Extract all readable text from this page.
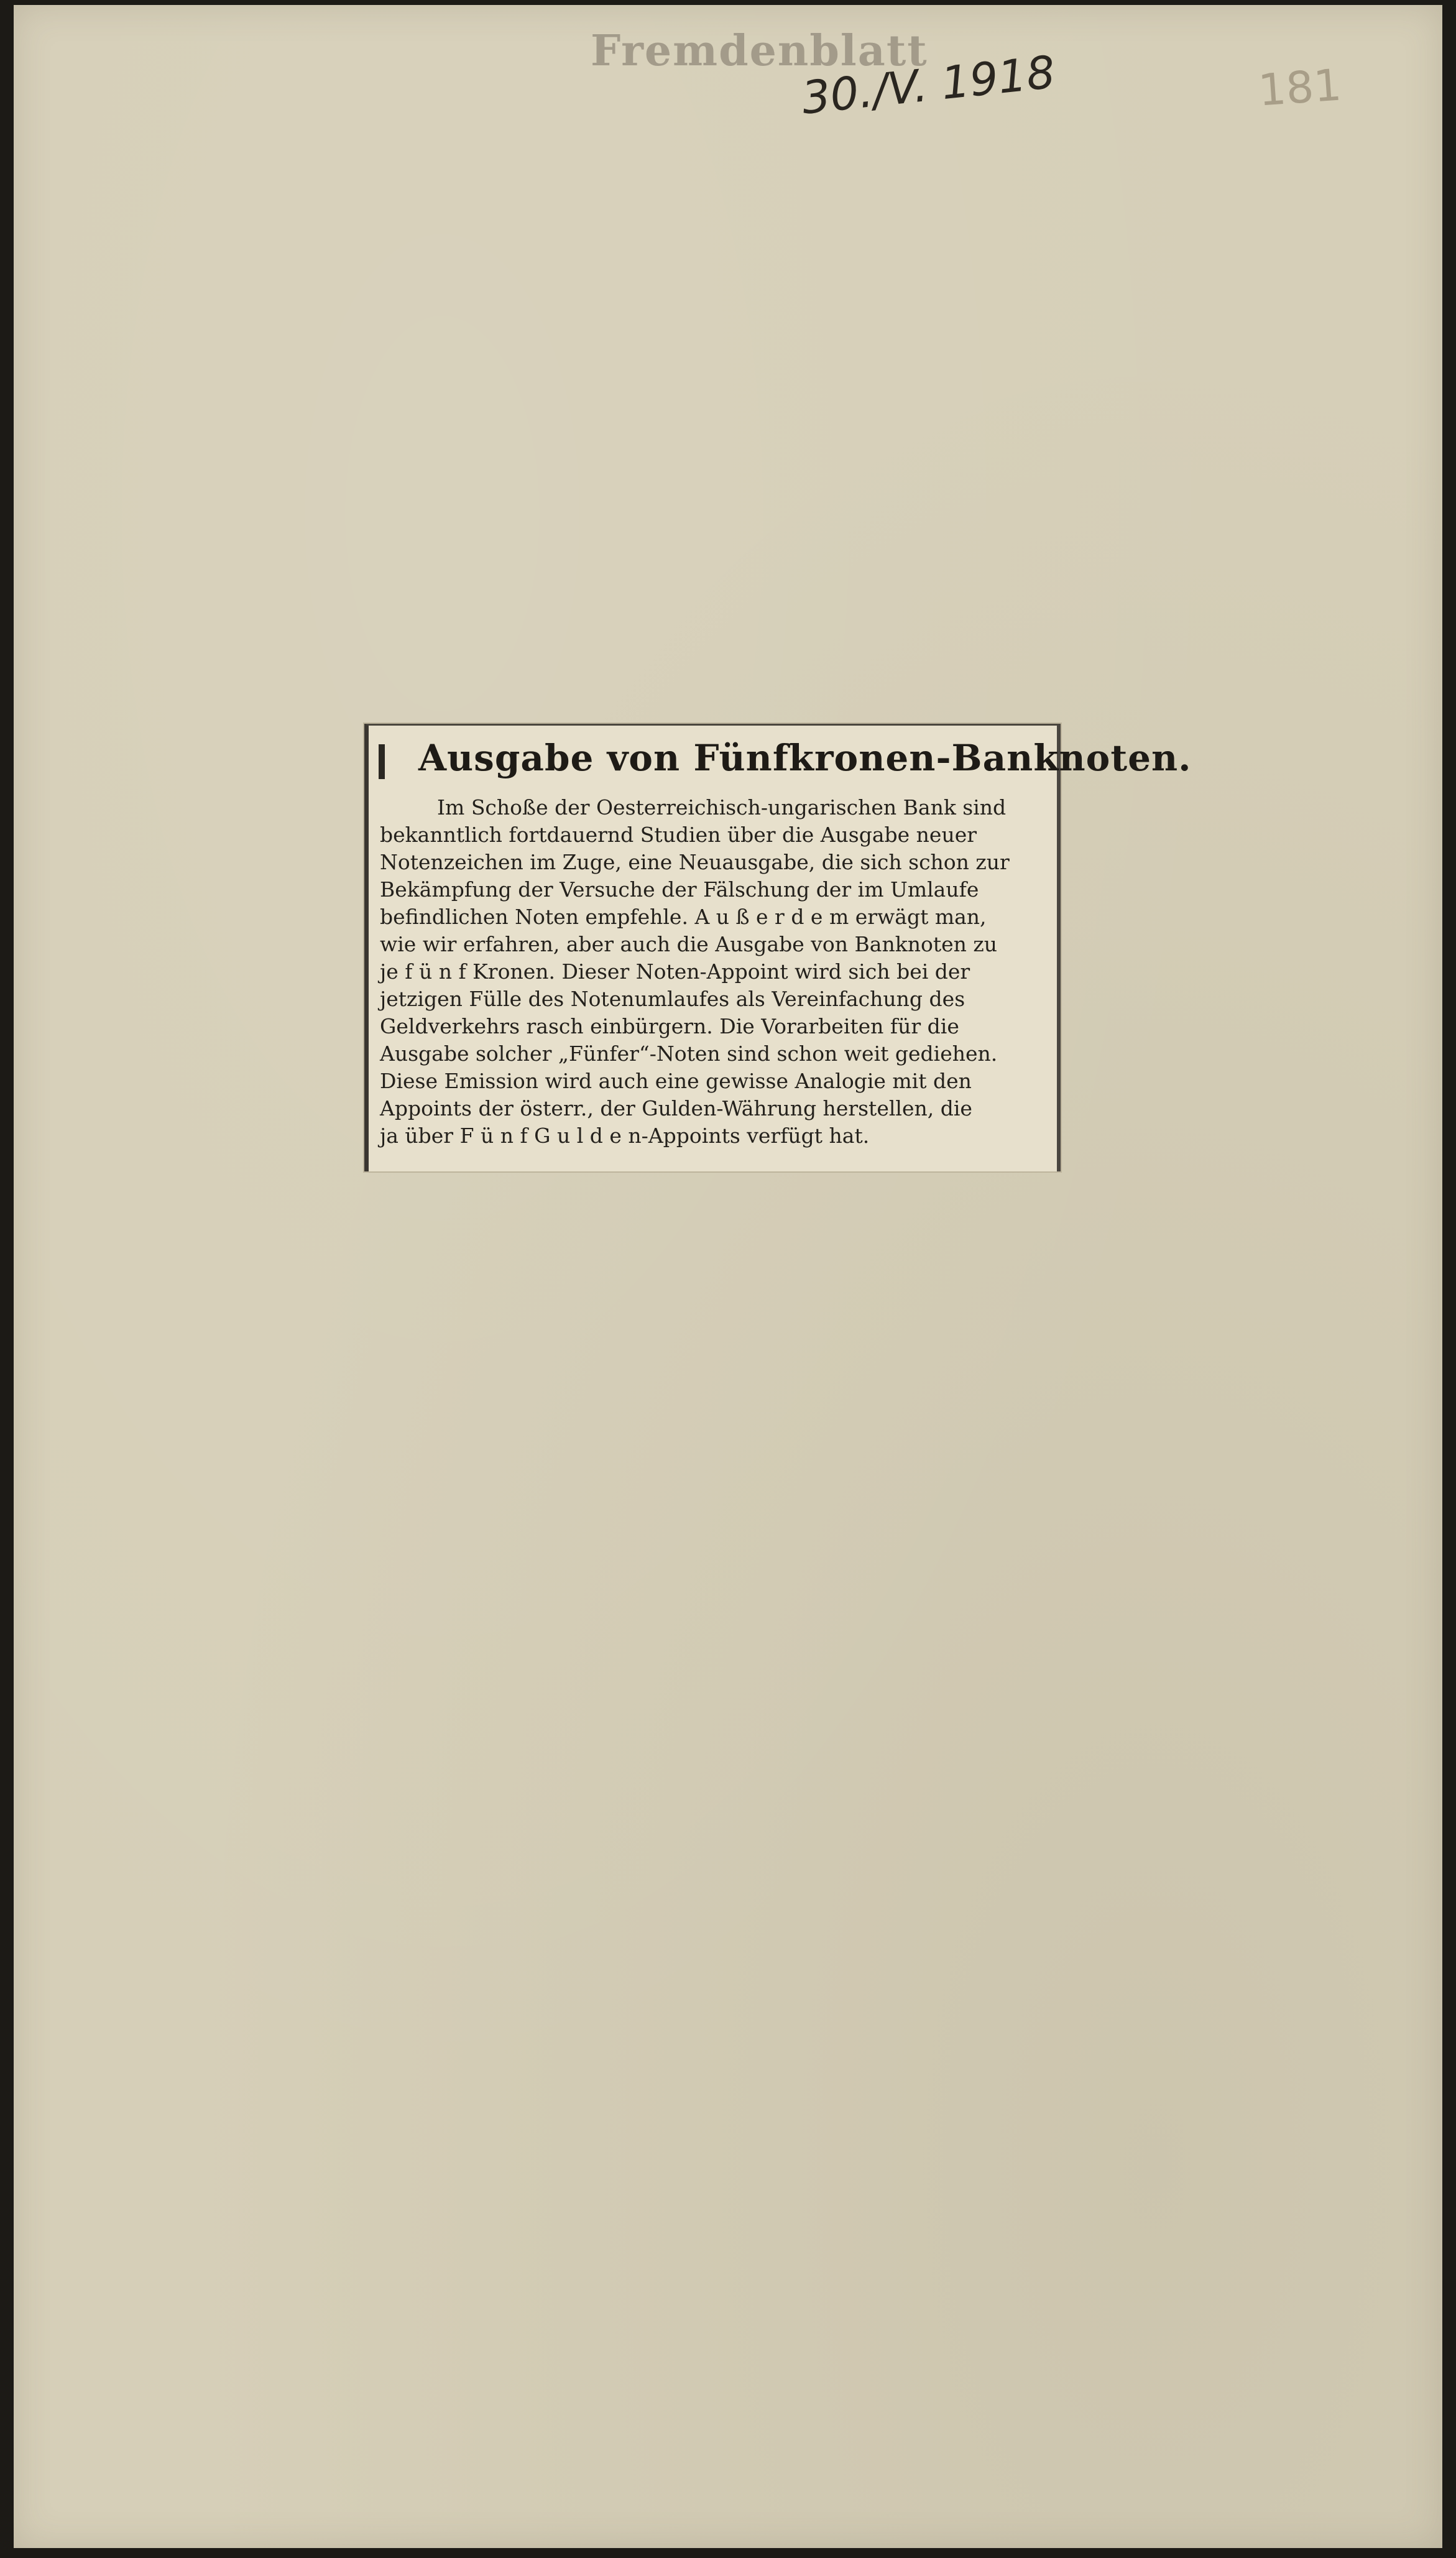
Fremdenblatt
30./V. 1918	181
Ausgabe von Fünfkronen-Banknoten.
Im Schoße der Oesterreichisch-ungarischen Bank sind
bekanntlich fortdauernd Studien über die Ausgabe neuer
Notenzeichen im Zuge, eine Neuausgabe, die sich schon zur
Bekämpfung der Versuche der Fälschung der im Umlaufe
befindlichen Noten empfehle. A u ß e r d e m erwägt man,
wie wir erfahren, aber auch die Ausgabe von Banknoten zu
je f ü n f Kronen. Dieser Noten-Appoint wird sich bei der
jetzigen Fülle des Notenumlaufes als Vereinfachung des
Geldverkehrs rasch einbürgern. Die Vorarbeiten für die
Ausgabe solcher „Fünfer“-Noten sind schon weit gediehen.
Diese Emission wird auch eine gewisse Analogie mit den
Appoints der österr., der Gulden-Währung herstellen, die
ja über F ü n f G u l d e n-Appoints verfügt hat.
